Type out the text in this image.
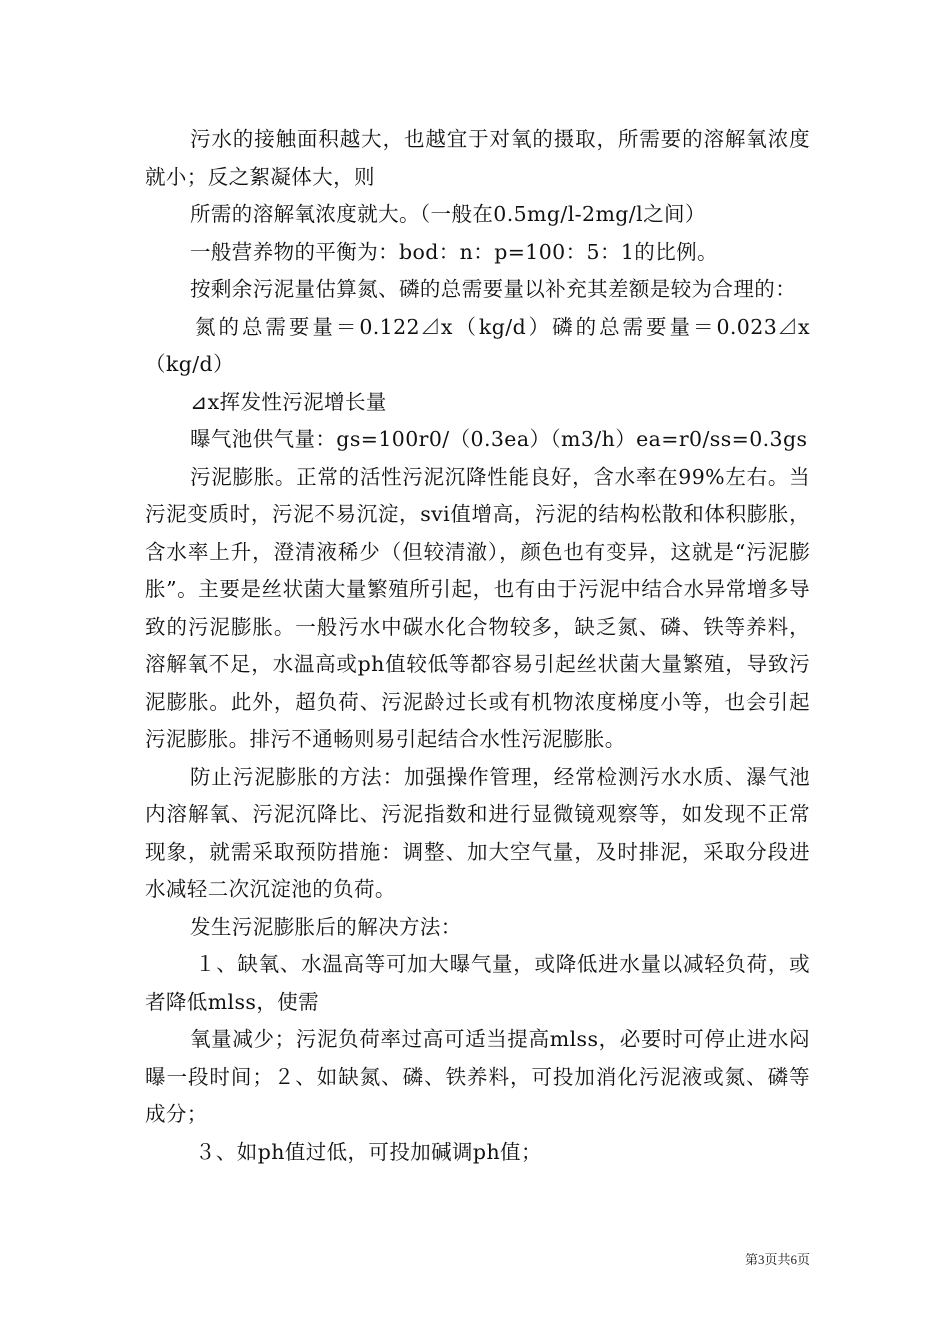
污水的接触面积越大，也越宜于对氧的摄取，所需要的溶解氧浓度就小；反之絮凝体大，则

所需的溶解氧浓度就大。（一般在0.5mg/l-2mg/l之间）

一般营养物的平衡为：bod：n：p=100：5：1的比例。

按剩余污泥量估算氮、磷的总需要量以补充其差额是较为合理的：

氮的总需要量＝0.122⊿x（kg/d）磷的总需要量＝0.023⊿x（kg/d）

⊿x挥发性污泥增长量

曝气池供气量：gs=100r0/（0.3ea）（m3/h）ea=r0/ss=0.3gs

污泥膨胀。正常的活性污泥沉降性能良好，含水率在99%左右。当污泥变质时，污泥不易沉淀，svi值增高，污泥的结构松散和体积膨胀，含水率上升，澄清液稀少（但较清澈），颜色也有变异，这就是“污泥膨胀”。主要是丝状菌大量繁殖所引起，也有由于污泥中结合水异常增多导致的污泥膨胀。一般污水中碳水化合物较多，缺乏氮、磷、铁等养料，溶解氧不足，水温高或ph值较低等都容易引起丝状菌大量繁殖，导致污泥膨胀。此外，超负荷、污泥龄过长或有机物浓度梯度小等，也会引起污泥膨胀。排污不通畅则易引起结合水性污泥膨胀。

防止污泥膨胀的方法：加强操作管理，经常检测污水水质、瀑气池内溶解氧、污泥沉降比、污泥指数和进行显微镜观察等，如发现不正常现象，就需采取预防措施：调整、加大空气量，及时排泥，采取分段进水减轻二次沉淀池的负荷。

发生污泥膨胀后的解决方法：

１、缺氧、水温高等可加大曝气量，或降低进水量以减轻负荷，或者降低mlss，使需

氧量减少；污泥负荷率过高可适当提高mlss，必要时可停止进水闷曝一段时间；２、如缺氮、磷、铁养料，可投加消化污泥液或氮、磷等成分；

３、如ph值过低，可投加碱调ph值；

第3页共6页
